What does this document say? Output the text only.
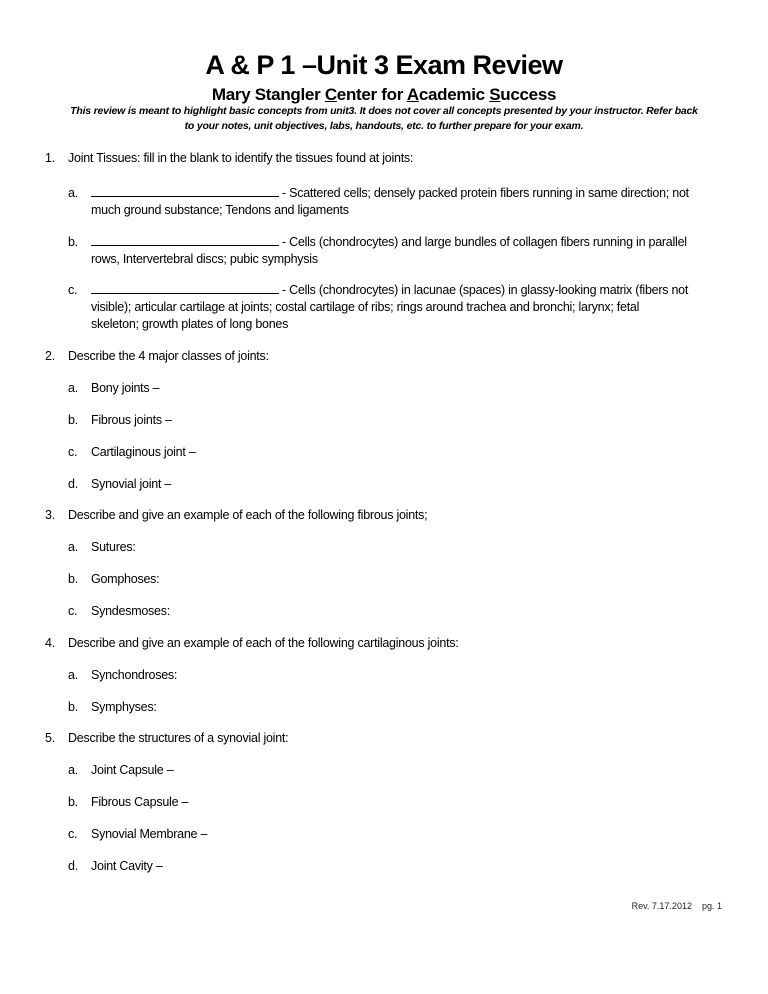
A & P 1 –Unit 3 Exam Review
Mary Stangler Center for Academic Success
This review is meant to highlight basic concepts from unit3. It does not cover all concepts presented by your instructor. Refer back
to your notes, unit objectives, labs, handouts, etc. to further prepare for your exam.
1. Joint Tissues: fill in the blank to identify the tissues found at joints:
a.	- Scattered cells; densely packed protein fibers running in same direction; not
much ground substance; Tendons and ligaments
b.	- Cells (chondrocytes) and large bundles of collagen fibers running in parallel
rows, Intervertebral discs; pubic symphysis
c.	- Cells (chondrocytes) in lacunae (spaces) in glassy-looking matrix (fibers not
visible); articular cartilage at joints; costal cartilage of ribs; rings around trachea and bronchi; larynx; fetal
skeleton; growth plates of long bones
2. Describe the 4 major classes of joints:
a. Bony joints –
b. Fibrous joints –
c. Cartilaginous joint –
d. Synovial joint –
3. Describe and give an example of each of the following fibrous joints;
a. Sutures:
b. Gomphoses:
c. Syndesmoses:
4. Describe and give an example of each of the following cartilaginous joints:
a. Synchondroses:
b. Symphyses:
5. Describe the structures of a synovial joint:
a. Joint Capsule –
b. Fibrous Capsule –
c. Synovial Membrane –
d. Joint Cavity –
Rev. 7.17.2012 pg. 1
